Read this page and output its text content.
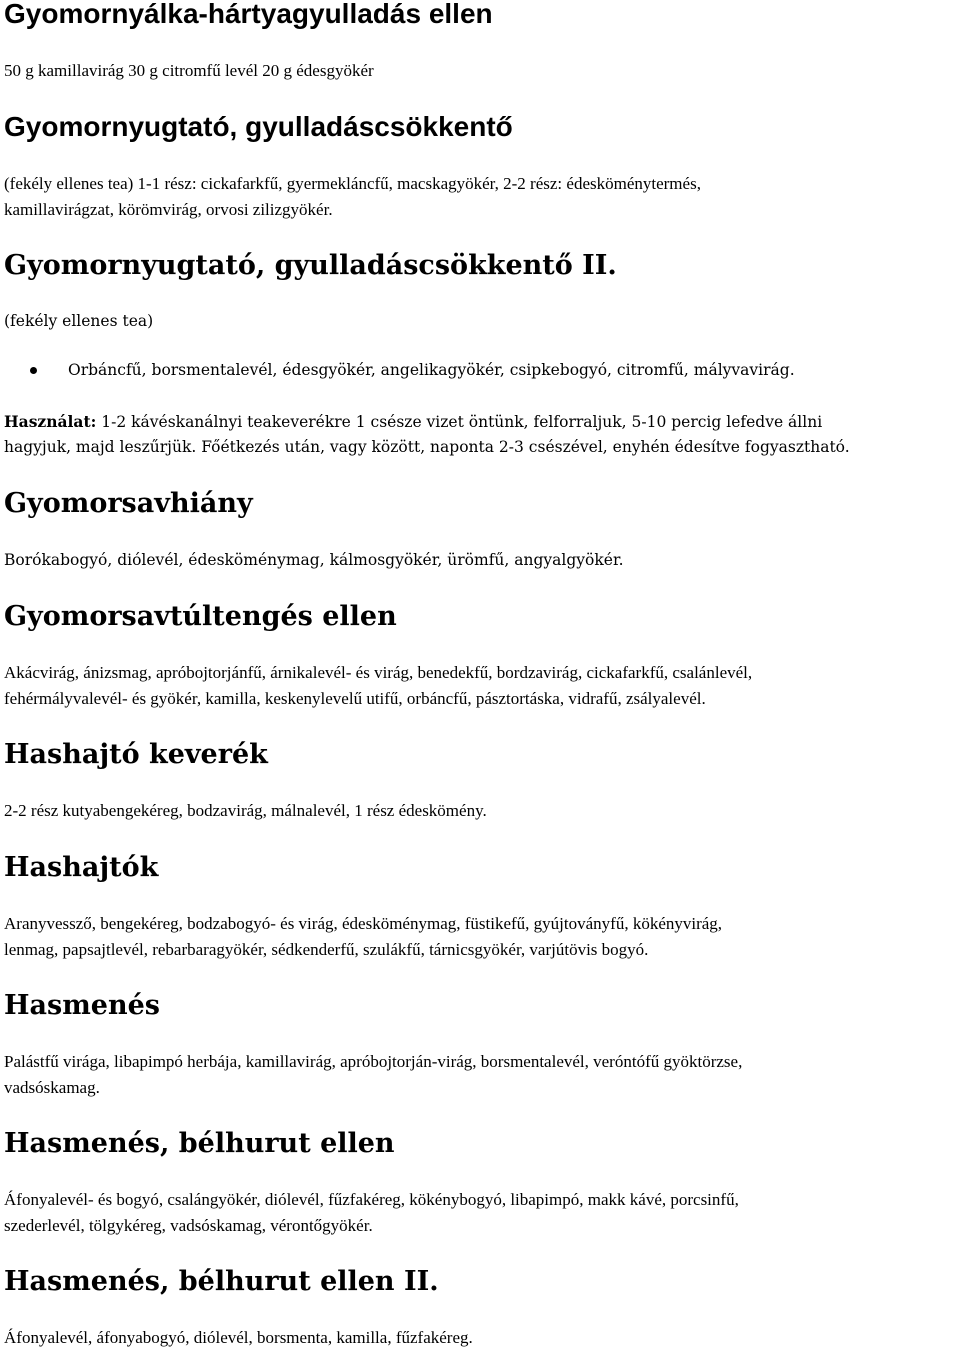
Gyomornyálka-hártyagyulladás ellen

50 g kamillavirág 30 g citromfű levél 20 g édesgyökér

Gyomornyugtató, gyulladáscsökkentő

(fekély ellenes tea) 1-1 rész: cickafarkfű, gyermekláncfű, macskagyökér, 2-2 rész: édesköménytermés,

kamillavirágzat, körömvirág, orvosi zilizgyökér.

Gyomornyugtató, gyulladáscsökkentő II.

(fekély ellenes tea)

Orbáncfű, borsmentalevél, édesgyökér, angelikagyökér, csipkebogyó, citromfű, mályvavirág.

Használat: 1-2 kávéskanálnyi teakeverékre 1 csésze vizet öntünk, felforraljuk, 5-10 percig lefedve állni

hagyjuk, majd leszűrjük. Főétkezés után, vagy között, naponta 2-3 csészével, enyhén édesítve fogyasztható.

Gyomorsavhiány

Borókabogyó, diólevél, édesköménymag, kálmosgyökér, ürömfű, angyalgyökér.

Gyomorsavtúltengés ellen

Akácvirág, ánizsmag, apróbojtorjánfű, árnikalevél- és virág, benedekfű, bordzavirág, cickafarkfű, csalánlevél,

fehérmályvalevél- és gyökér, kamilla, keskenylevelű utifű, orbáncfű, pásztortáska, vidrafű, zsályalevél.

Hashajtó keverék

2-2 rész kutyabengekéreg, bodzavirág, málnalevél, 1 rész édeskömény.

Hashajtók

Aranyvessző, bengekéreg, bodzabogyó- és virág, édesköménymag, füstikefű, gyújtoványfű, kökényvirág,

lenmag, papsajtlevél, rebarbaragyökér, sédkenderfű, szulákfű, tárnicsgyökér, varjútövis bogyó.

Hasmenés

Palástfű virága, libapimpó herbája, kamillavirág, apróbojtorján-virág, borsmentalevél, veróntófű gyöktörzse,

vadsóskamag.

Hasmenés, bélhurut ellen

Áfonyalevél- és bogyó, csalángyökér, diólevél, fűzfakéreg, kökénybogyó, libapimpó, makk kávé, porcsinfű,

szederlevél, tölgykéreg, vadsóskamag, vérontőgyökér.

Hasmenés, bélhurut ellen II.

Áfonyalevél, áfonyabogyó, diólevél, borsmenta, kamilla, fűzfakéreg.
